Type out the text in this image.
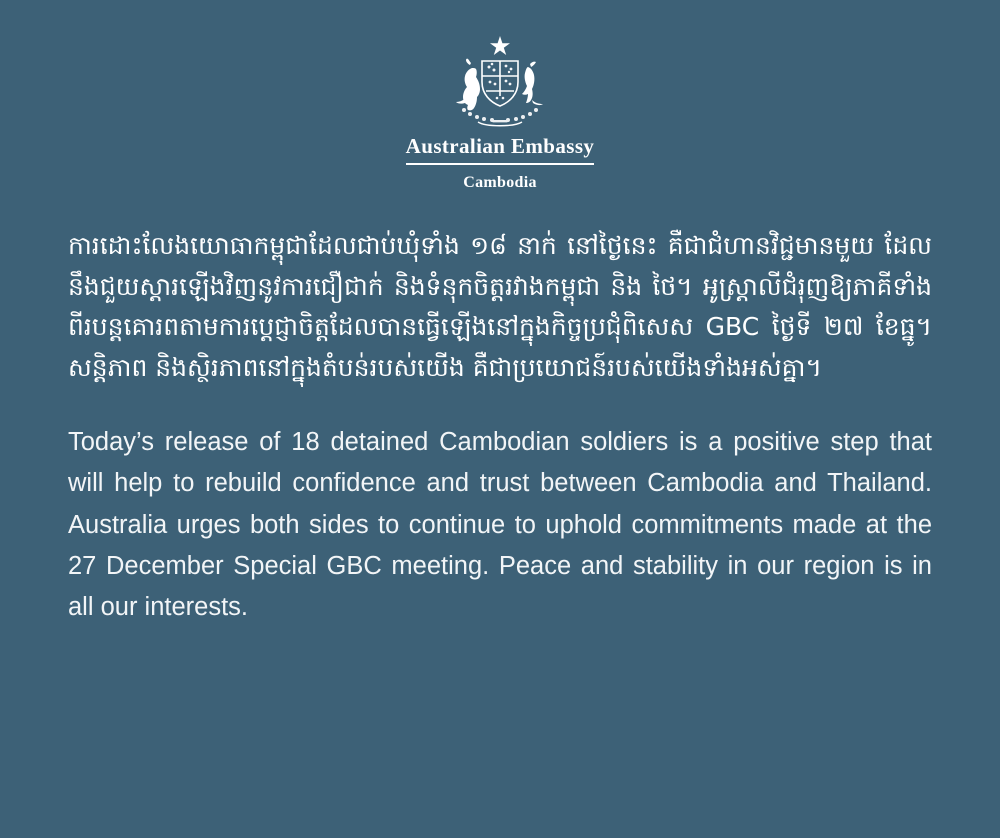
Australian Embassy
Cambodia

ការដោះលែងយោធាកម្ពុជាដែលជាប់ឃុំទាំង ១៨ នាក់ នៅថ្ងៃនេះ គឺជាជំហានវិជ្ជមានមួយ ដែលនឹងជួយស្តារឡើងវិញនូវការជឿជាក់ និងទំនុកចិត្តរវាងកម្ពុជា និង ថៃ។ អូស្ត្រាលីជំរុញឱ្យភាគីទាំងពីរបន្តគោរពតាមការប្តេជ្ញាចិត្តដែលបានធ្វើឡើងនៅក្នុងកិច្ចប្រជុំពិសេស GBC ថ្ងៃទី ២៧ ខែធ្នូ។ សន្តិភាព និងស្ថិរភាពនៅក្នុងតំបន់របស់យើង គឺជាប្រយោជន៍របស់យើងទាំងអស់គ្នា។

Today’s release of 18 detained Cambodian soldiers is a positive step that will help to rebuild confidence and trust between Cambodia and Thailand. Australia urges both sides to continue to uphold commitments made at the 27 December Special GBC meeting. Peace and stability in our region is in all our interests.
